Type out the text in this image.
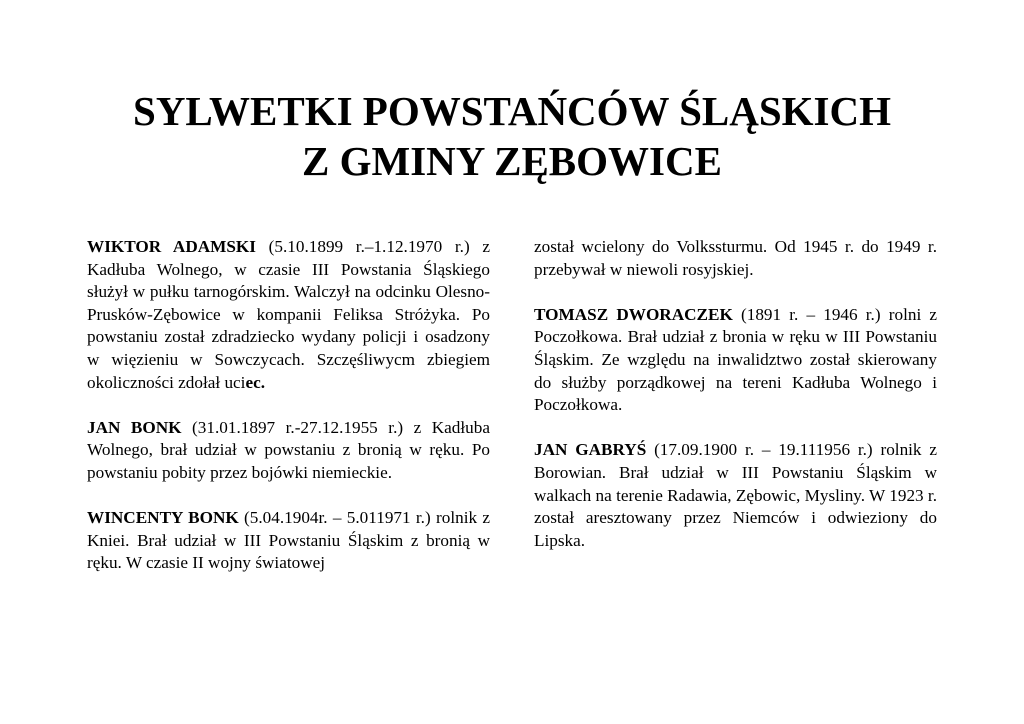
SYLWETKI POWSTAŃCÓW ŚLĄSKICH
Z GMINY ZĘBOWICE

WIKTOR ADAMSKI (5.10.1899 r.–1.12.1970 r.) z Kadłuba Wolnego, w czasie III Powstania Śląskiego służył w pułku tarnogórskim. Walczył na odcinku Olesno-Prusków-Zębowice w kompanii Feliksa Stróżyka. Po powstaniu został zdradziecko wydany policji i osadzony w więzieniu w Sowczycach. Szczęśliwycm zbiegiem okoliczności zdołał uciec.

JAN BONK (31.01.1897 r.-27.12.1955 r.) z Kadłuba Wolnego, brał udział w powstaniu z bronią w ręku. Po powstaniu pobity przez bojówki niemieckie.

WINCENTY BONK (5.04.1904r. – 5.011971 r.) rolnik z Kniei. Brał udział w III Powstaniu Śląskim z bronią w ręku. W czasie II wojny światowej

został wcielony do Volkssturmu. Od 1945 r. do 1949 r. przebywał w niewoli rosyjskiej.

TOMASZ DWORACZEK (1891 r. – 1946 r.) rolni z Poczołkowa. Brał udział z bronia w ręku w III Powstaniu Śląskim. Ze względu na inwalidztwo został skierowany do służby porządkowej na tereni Kadłuba Wolnego i Poczołkowa.

JAN GABRYŚ (17.09.1900 r. – 19.111956 r.) rolnik z Borowian. Brał udział w III Powstaniu Śląskim w walkach na terenie Radawia, Zębowic, Mysliny. W 1923 r. został aresztowany przez Niemców i odwieziony do Lipska.
